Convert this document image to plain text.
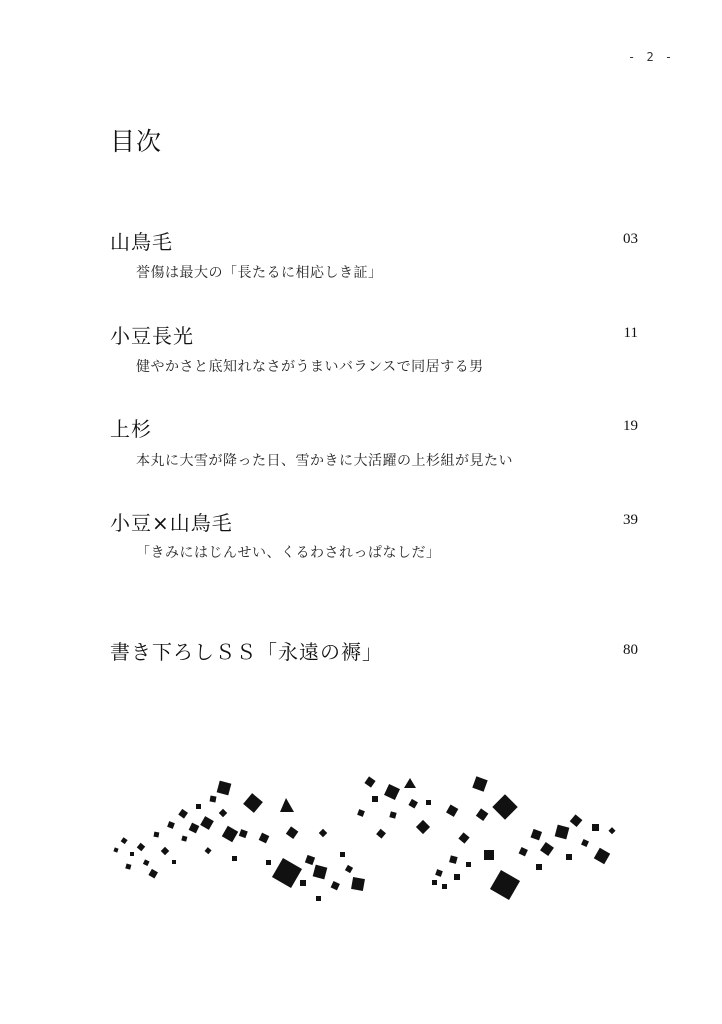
- 2 -
目次
山鳥毛	03
誉傷は最大の「長たるに相応しき証」
小豆長光	11
健やかさと底知れなさがうまいバランスで同居する男
上杉	19
本丸に大雪が降った日、雪かきに大活躍の上杉組が見たい
小豆×山鳥毛	39
「きみにはじんせい、くるわされっぱなしだ」
書き下ろしＳＳ「永遠の褥」	80
